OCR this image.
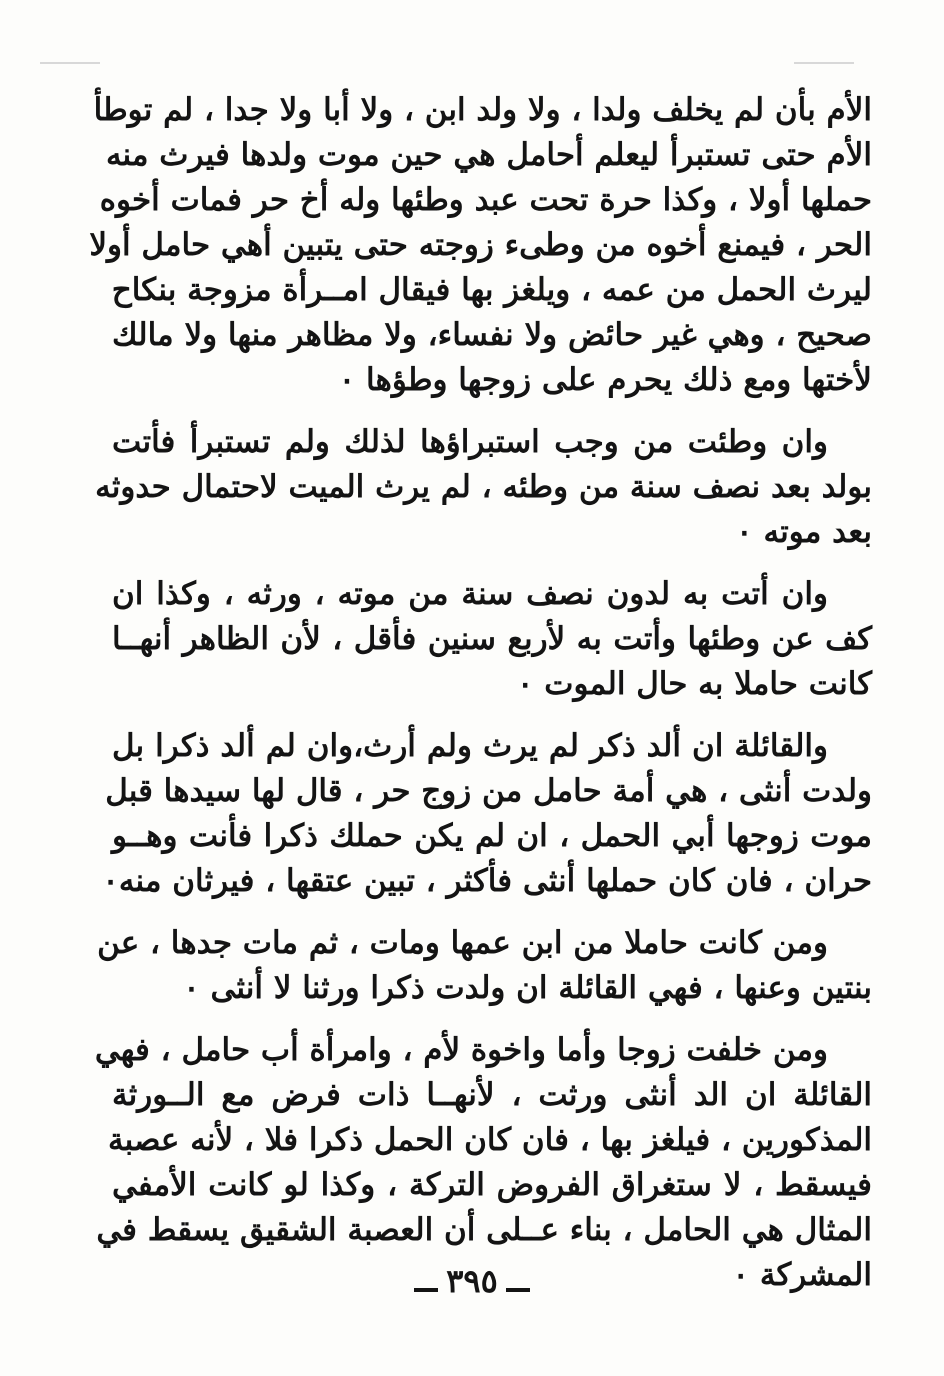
الأم بأن لم يخلف ولدا ، ولا ولد ابن ، ولا أبا ولا جدا ، لم توطأ
الأم حتى تستبرأ ليعلم أحامل هي حين موت ولدها فيرث منه
حملها أولا ، وكذا حرة تحت عبد وطئها وله أخ حر فمات أخوه
الحر ، فيمنع أخوه من وطىء زوجته حتى يتبين أهي حامل أولا
ليرث الحمل من عمه ، ويلغز بها فيقال امــرأة مزوجة بنكاح
صحيح ، وهي غير حائض ولا نفساء، ولا مظاهر منها ولا مالك
لأختها ومع ذلك يحرم على زوجها وطؤها ٠

وان وطئت من وجب استبراؤها لذلك ولم تستبرأ فأتت
بولد بعد نصف سنة من وطئه ، لم يرث الميت لاحتمال حدوثه
بعد موته ٠

وان أتت به لدون نصف سنة من موته ، ورثه ، وكذا ان
كف عن وطئها وأتت به لأربع سنين فأقل ، لأن الظاهر أنهــا
كانت حاملا به حال الموت ٠

والقائلة ان ألد ذكر لم يرث ولم أرث،وان لم ألد ذكرا بل
ولدت أنثى ، هي أمة حامل من زوج حر ، قال لها سيدها قبل
موت زوجها أبي الحمل ، ان لم يكن حملك ذكرا فأنت وهــو
حران ، فان كان حملها أنثى فأكثر ، تبين عتقها ، فيرثان منه٠

ومن كانت حاملا من ابن عمها ومات ، ثم مات جدها ، عن
بنتين وعنها ، فهي القائلة ان ولدت ذكرا ورثنا لا أنثى ٠

ومن خلفت زوجا وأما واخوة لأم ، وامرأة أب حامل ، فهي
القائلة ان الد أنثى ورثت ، لأنهــا ذات فرض مع الــورثة
المذكورين ، فيلغز بها ، فان كان الحمل ذكرا فلا ، لأنه عصبة
فيسقط ، لا ستغراق الفروض التركة ، وكذا لو كانت الأمفي
المثال هي الحامل ، بناء عــلى أن العصبة الشقيق يسقط في
المشركة ٠

٣٩٥
